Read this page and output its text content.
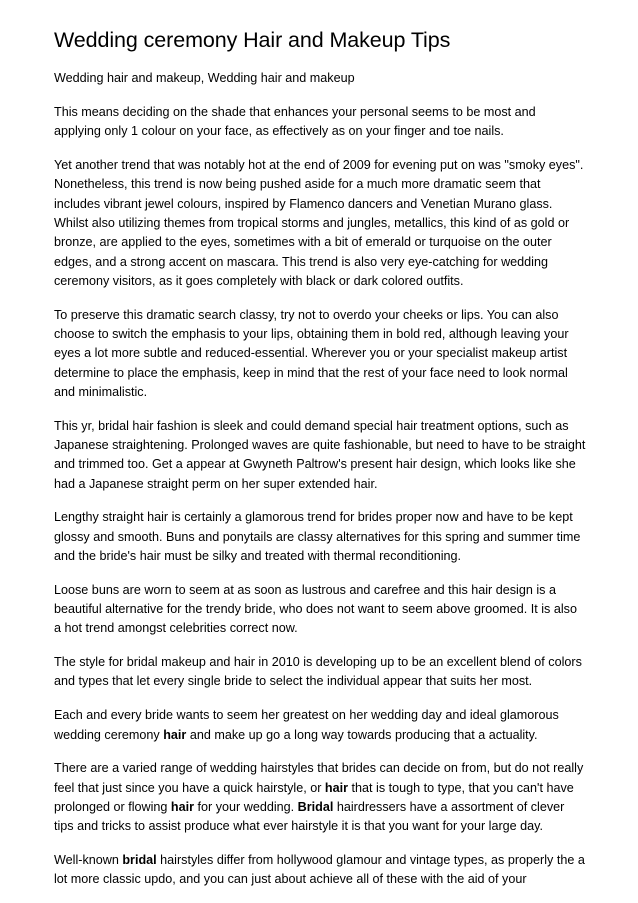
Wedding ceremony Hair and Makeup Tips
Wedding hair and makeup, Wedding hair and makeup

This means deciding on the shade that enhances your personal seems to be most and applying only 1 colour on your face, as effectively as on your finger and toe nails.

Yet another trend that was notably hot at the end of 2009 for evening put on was "smoky eyes". Nonetheless, this trend is now being pushed aside for a much more dramatic seem that includes vibrant jewel colours, inspired by Flamenco dancers and Venetian Murano glass. Whilst also utilizing themes from tropical storms and jungles, metallics, this kind of as gold or bronze, are applied to the eyes, sometimes with a bit of emerald or turquoise on the outer edges, and a strong accent on mascara. This trend is also very eye-catching for wedding ceremony visitors, as it goes completely with black or dark colored outfits.

To preserve this dramatic search classy, try not to overdo your cheeks or lips. You can also choose to switch the emphasis to your lips, obtaining them in bold red, although leaving your eyes a lot more subtle and reduced-essential. Wherever you or your specialist makeup artist determine to place the emphasis, keep in mind that the rest of your face need to look normal and minimalistic.

This yr, bridal hair fashion is sleek and could demand special hair treatment options, such as Japanese straightening. Prolonged waves are quite fashionable, but need to have to be straight and trimmed too. Get a appear at Gwyneth Paltrow's present hair design, which looks like she had a Japanese straight perm on her super extended hair.

Lengthy straight hair is certainly a glamorous trend for brides proper now and have to be kept glossy and smooth. Buns and ponytails are classy alternatives for this spring and summer time and the bride's hair must be silky and treated with thermal reconditioning.

Loose buns are worn to seem at as soon as lustrous and carefree and this hair design is a beautiful alternative for the trendy bride, who does not want to seem above groomed. It is also a hot trend amongst celebrities correct now.

The style for bridal makeup and hair in 2010 is developing up to be an excellent blend of colors and types that let every single bride to select the individual appear that suits her most.

Each and every bride wants to seem her greatest on her wedding day and ideal glamorous wedding ceremony hair and make up go a long way towards producing that a actuality.

There are a varied range of wedding hairstyles that brides can decide on from, but do not really feel that just since you have a quick hairstyle, or hair that is tough to type, that you can't have prolonged or flowing hair for your wedding. Bridal hairdressers have a assortment of clever tips and tricks to assist produce what ever hairstyle it is that you want for your large day.

Well-known bridal hairstyles differ from hollywood glamour and vintage types, as properly the a lot more classic updo, and you can just about achieve all of these with the aid of your
